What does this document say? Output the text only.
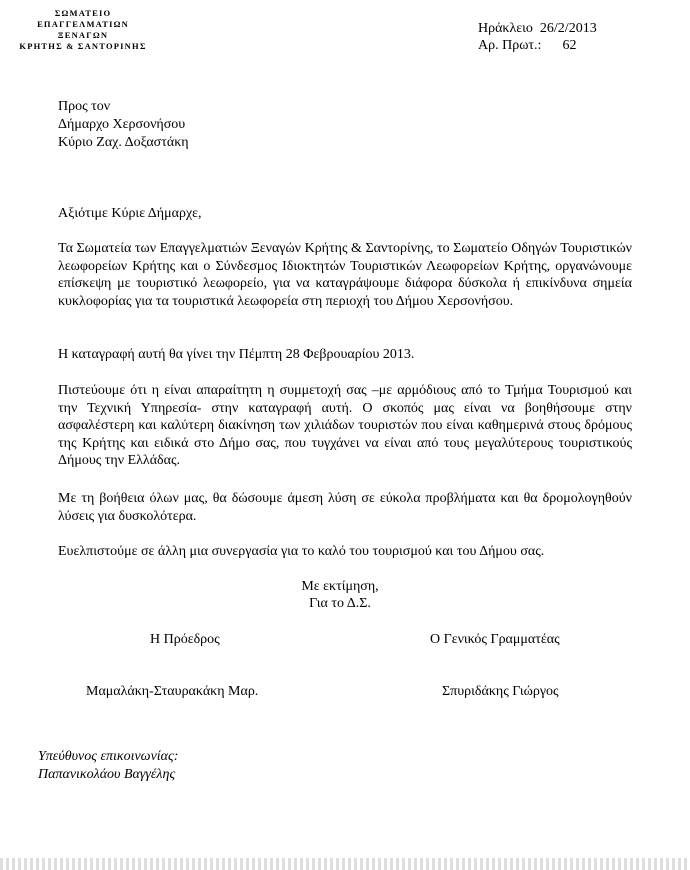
ΣΩΜΑΤΕΙΟ
ΕΠΑΓΓΕΛΜΑΤΙΩΝ
ΞΕΝΑΓΩΝ
ΚΡΗΤΗΣ & ΣΑΝΤΟΡΙΝΗΣ
Ηράκλειο  26/2/2013
Αρ. Πρωτ.: 62
Προς τον
Δήμαρχο Χερσονήσου
Κύριο Ζαχ. Δοξαστάκη
Αξιότιμε Κύριε Δήμαρχε,
Τα Σωματεία των Επαγγελματιών Ξεναγών Κρήτης & Σαντορίνης, το Σωματείο Οδηγών Τουριστικών λεωφορείων Κρήτης και ο Σύνδεσμος Ιδιοκτητών Τουριστικών Λεωφορείων Κρήτης, οργανώνουμε επίσκεψη με τουριστικό λεωφορείο, για να καταγράψουμε διάφορα δύσκολα ή επικίνδυνα σημεία κυκλοφορίας για τα τουριστικά λεωφορεία στη περιοχή του Δήμου Χερσονήσου.
Η καταγραφή αυτή θα γίνει την Πέμπτη 28 Φεβρουαρίου 2013.
Πιστεύουμε ότι η είναι απαραίτητη η συμμετοχή σας –με αρμόδιους από το Τμήμα Τουρισμού και την Τεχνική Υπηρεσία- στην καταγραφή αυτή. Ο σκοπός μας είναι να βοηθήσουμε στην ασφαλέστερη και καλύτερη διακίνηση των χιλιάδων τουριστών που είναι καθημερινά στους δρόμους της Κρήτης και ειδικά στο Δήμο σας, που τυγχάνει να είναι από τους μεγαλύτερους τουριστικούς Δήμους την Ελλάδας.
Με τη βοήθεια όλων μας, θα δώσουμε άμεση λύση σε εύκολα προβλήματα και θα δρομολογηθούν λύσεις για δυσκολότερα.
Ευελπιστούμε σε άλλη μια συνεργασία για το καλό του τουρισμού και του Δήμου σας.
Με εκτίμηση,
Για το Δ.Σ.
Η Πρόεδρος	Ο Γενικός Γραμματέας
Μαμαλάκη-Σταυρακάκη Μαρ.	Σπυριδάκης Γιώργος
Υπεύθυνος επικοινωνίας:
Παπανικολάου Βαγγέλης
